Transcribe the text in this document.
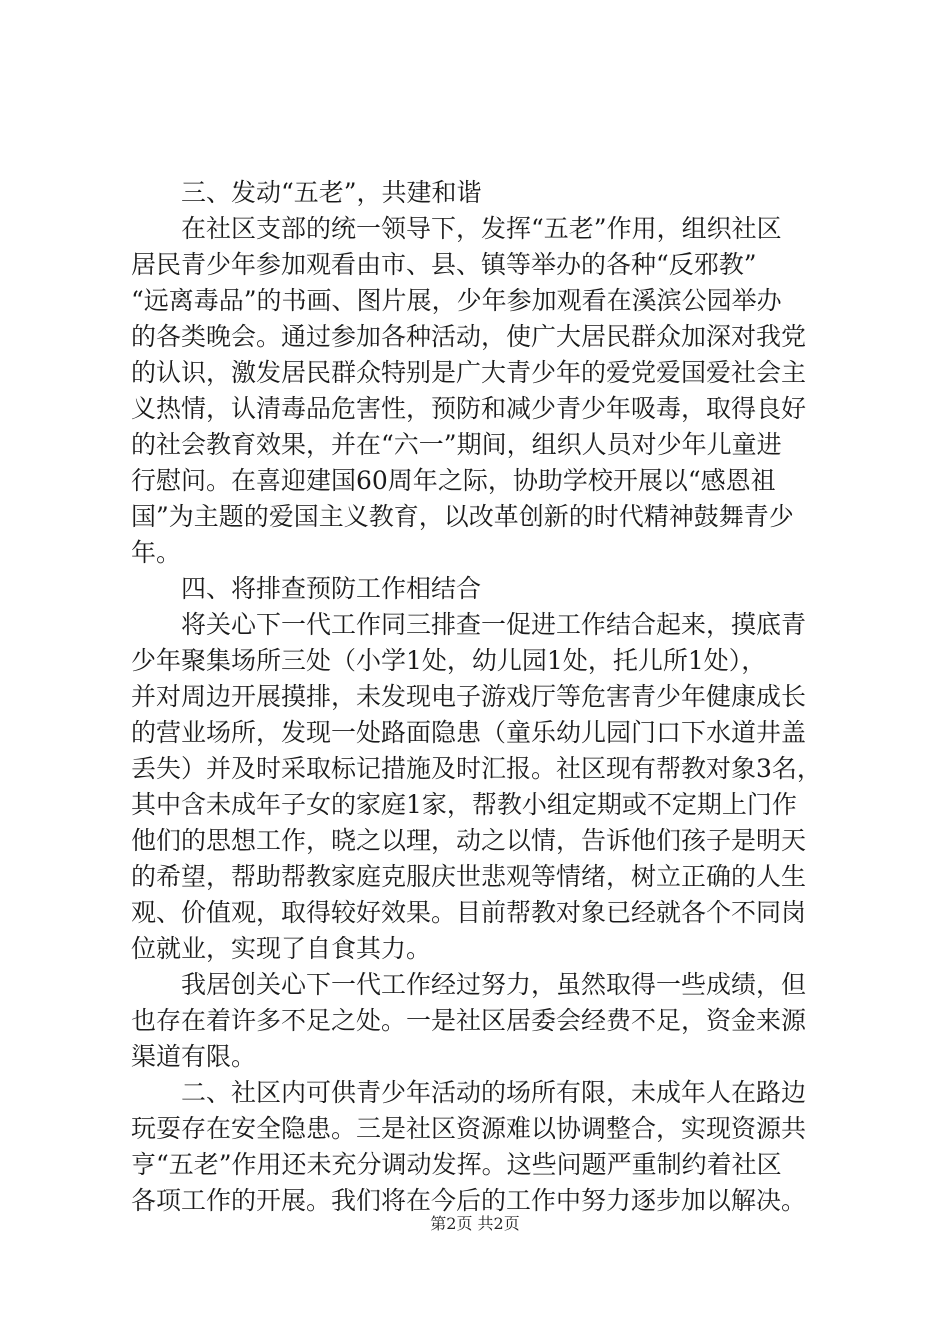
三、发动“五老”，共建和谐

在社区支部的统一领导下，发挥“五老”作用，组织社区

居民青少年参加观看由市、县、镇等举办的各种“反邪教”

“远离毒品”的书画、图片展，少年参加观看在溪滨公园举办

的各类晚会。通过参加各种活动，使广大居民群众加深对我党

的认识，激发居民群众特别是广大青少年的爱党爱国爱社会主

义热情，认清毒品危害性，预防和减少青少年吸毒，取得良好

的社会教育效果，并在“六一”期间，组织人员对少年儿童进

行慰问。在喜迎建国60周年之际，协助学校开展以“感恩祖

国”为主题的爱国主义教育，以改革创新的时代精神鼓舞青少

年。

四、将排查预防工作相结合

将关心下一代工作同三排查一促进工作结合起来，摸底青

少年聚集场所三处（小学1处，幼儿园1处，托儿所1处），

并对周边开展摸排，未发现电子游戏厅等危害青少年健康成长

的营业场所，发现一处路面隐患（童乐幼儿园门口下水道井盖

丢失）并及时采取标记措施及时汇报。社区现有帮教对象3名，

其中含未成年子女的家庭1家，帮教小组定期或不定期上门作

他们的思想工作，晓之以理，动之以情，告诉他们孩子是明天

的希望，帮助帮教家庭克服庆世悲观等情绪，树立正确的人生

观、价值观，取得较好效果。目前帮教对象已经就各个不同岗

位就业，实现了自食其力。

我居创关心下一代工作经过努力，虽然取得一些成绩，但

也存在着许多不足之处。一是社区居委会经费不足，资金来源

渠道有限。

二、社区内可供青少年活动的场所有限，未成年人在路边

玩耍存在安全隐患。三是社区资源难以协调整合，实现资源共

亨“五老”作用还未充分调动发挥。这些问题严重制约着社区

各项工作的开展。我们将在今后的工作中努力逐步加以解决。

第2页 共2页
